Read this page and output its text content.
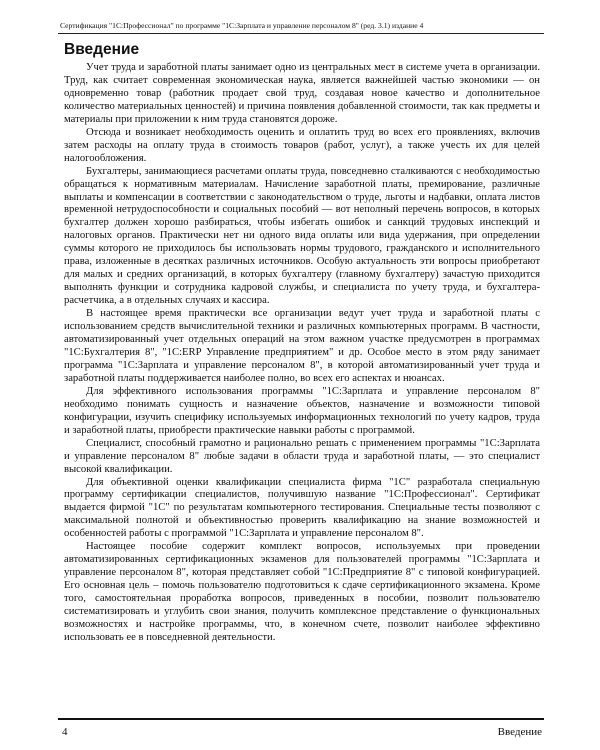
Сертификация "1С:Профессионал" по программе "1С:Зарплата и управление персоналом 8" (ред. 3.1) издание 4
Введение

Учет труда и заработной платы занимает одно из центральных мест в системе учета в организации. Труд, как считает современная экономическая наука, является важнейшей частью экономики — он одновременно товар (работник продает свой труд, создавая новое качество и дополнительное количество материальных ценностей) и причина появления добавленной стоимости, так как предметы и материалы при приложении к ним труда становятся дороже.

Отсюда и возникает необходимость оценить и оплатить труд во всех его проявлениях, включив затем расходы на оплату труда в стоимость товаров (работ, услуг), а также учесть их для целей налогообложения.

Бухгалтеры, занимающиеся расчетами оплаты труда, повседневно сталкиваются с необходимостью обращаться к нормативным материалам. Начисление заработной платы, премирование, различные выплаты и компенсации в соответствии с законодательством о труде, льготы и надбавки, оплата листов временной нетрудоспособности и социальных пособий — вот неполный перечень вопросов, в которых бухгалтер должен хорошо разбираться, чтобы избегать ошибок и санкций трудовых инспекций и налоговых органов. Практически нет ни одного вида оплаты или вида удержания, при определении суммы которого не приходилось бы использовать нормы трудового, гражданского и исполнительного права, изложенные в десятках различных источников. Особую актуальность эти вопросы приобретают для малых и средних организаций, в которых бухгалтеру (главному бухгалтеру) зачастую приходится выполнять функции и сотрудника кадровой службы, и специалиста по учету труда, и бухгалтера-расчетчика, а в отдельных случаях и кассира.

В настоящее время практически все организации ведут учет труда и заработной платы с использованием средств вычислительной техники и различных компьютерных программ. В частности, автоматизированный учет отдельных операций на этом важном участке предусмотрен в программах "1С:Бухгалтерия 8", "1С:ERP Управление предприятием" и др. Особое место в этом ряду занимает программа "1С:Зарплата и управление персоналом 8", в которой автоматизированный учет труда и заработной платы поддерживается наиболее полно, во всех его аспектах и нюансах.

Для эффективного использования программы "1С:Зарплата и управление персоналом 8" необходимо понимать сущность и назначение объектов, назначение и возможности типовой конфигурации, изучить специфику используемых информационных технологий по учету кадров, труда и заработной платы, приобрести практические навыки работы с программой.

Специалист, способный грамотно и рационально решать с применением программы "1С:Зарплата и управление персоналом 8" любые задачи в области труда и заработной платы, — это специалист высокой квалификации.

Для объективной оценки квалификации специалиста фирма "1С" разработала специальную программу сертификации специалистов, получившую название "1С:Профессионал". Сертификат выдается фирмой "1С" по результатам компьютерного тестирования. Специальные тесты позволяют с максимальной полнотой и объективностью проверить квалификацию на знание возможностей и особенностей работы с программой "1С:Зарплата и управление персоналом 8".

Настоящее пособие содержит комплект вопросов, используемых при проведении автоматизированных сертификационных экзаменов для пользователей программы "1С:Зарплата и управление персоналом 8", которая представляет собой "1С:Предприятие 8" с типовой конфигурацией. Его основная цель – помочь пользователю подготовиться к сдаче сертификационного экзамена. Кроме того, самостоятельная проработка вопросов, приведенных в пособии, позволит пользователю систематизировать и углубить свои знания, получить комплексное представление о функциональных возможностях и настройке программы, что, в конечном счете, позволит наиболее эффективно использовать ее в повседневной деятельности.

4	Введение
